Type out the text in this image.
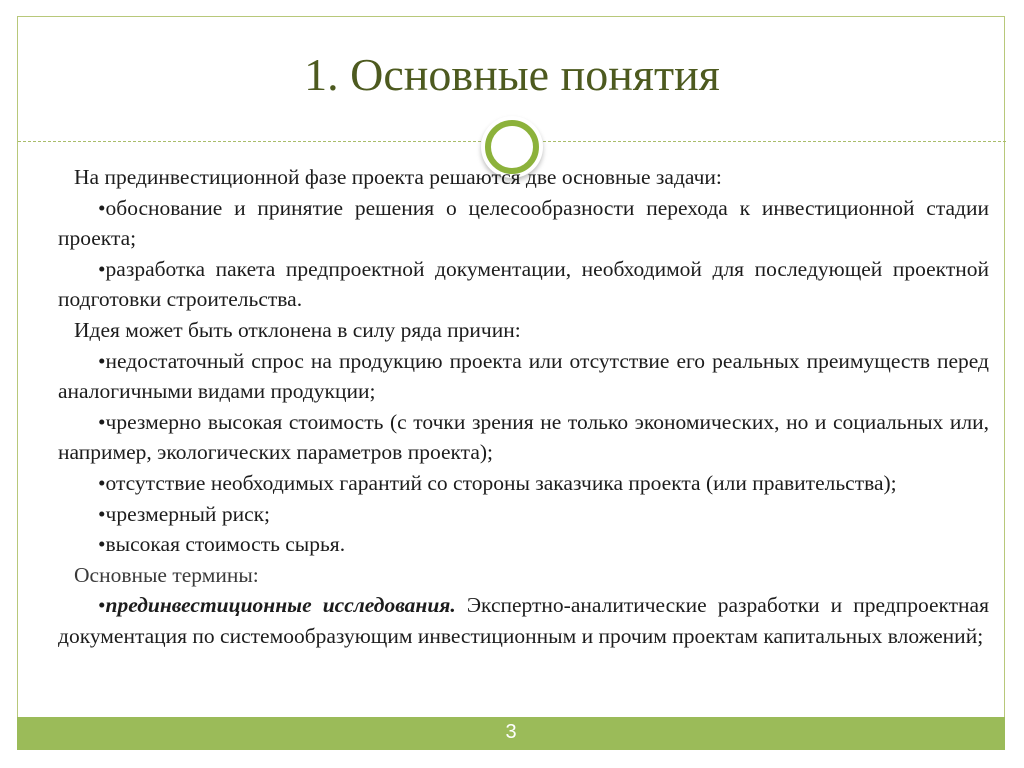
1. Основные понятия

На прединвестиционной фазе проекта решаются две основные задачи:

•обоснование и принятие решения о целесообразности перехода к инвестиционной стадии проекта;

•разработка пакета предпроектной документации, необходимой для последующей проектной подготовки строительства.

Идея может быть отклонена в силу ряда причин:

•недостаточный спрос на продукцию проекта или отсутствие его реальных преимуществ перед аналогичными видами продукции;

•чрезмерно высокая стоимость (с точки зрения не только экономических, но и социальных или, например, экологических параметров проекта);

•отсутствие необходимых гарантий со стороны заказчика проекта (или правительства);

•чрезмерный риск;

•высокая стоимость сырья.

Основные термины:

•прединвестиционные исследования. Экспертно-аналитические разработки и предпроектная документация по системообразующим инвестиционным и прочим проектам капитальных вложений;

3
